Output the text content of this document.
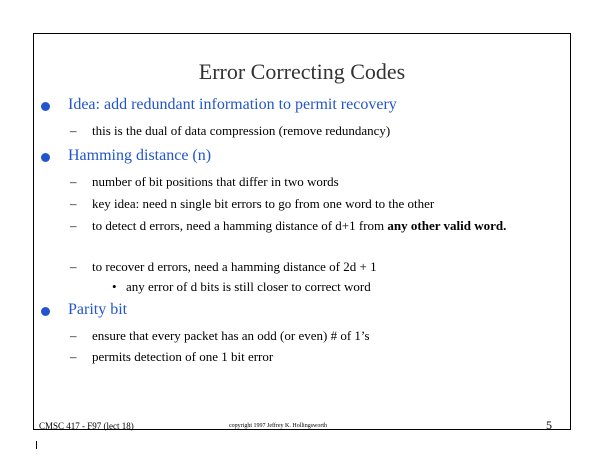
Error Correcting Codes
Idea: add redundant information to permit recovery
– this is the dual of data compression (remove redundancy)
Hamming distance (n)
– number of bit positions that differ in two words
– key idea: need n single bit errors to go from one word to the other
– to detect d errors, need a hamming distance of d+1 from any other valid word.
– to recover d errors, need a hamming distance of 2d + 1
• any error of d bits is still closer to correct word
Parity bit
– ensure that every packet has an odd (or even) # of 1’s
– permits detection of one 1 bit error
CMSC 417 - F97 (lect 18)	copyright 1997 Jeffrey K. Hollingsworth	5
